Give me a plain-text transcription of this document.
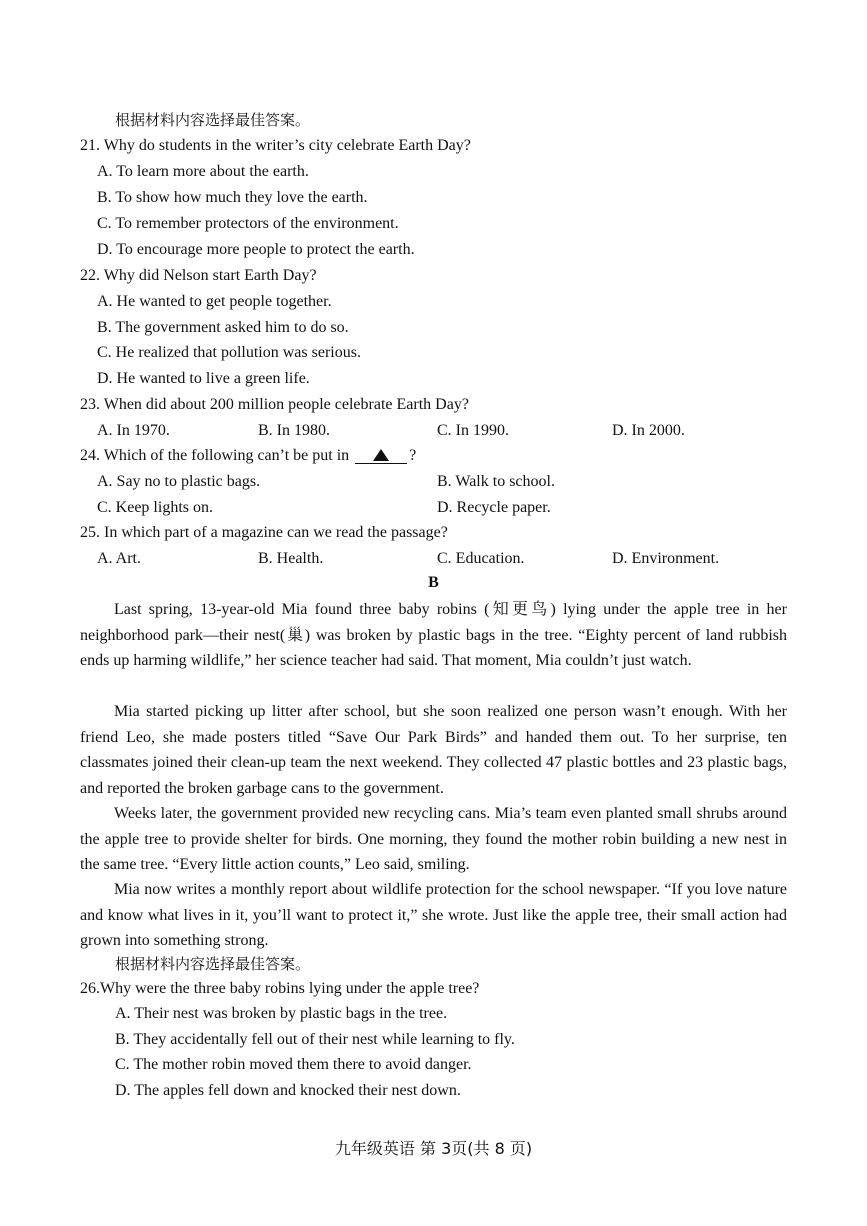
根据材料内容选择最佳答案。
21. Why do students in the writer’s city celebrate Earth Day?
A. To learn more about the earth.
B. To show how much they love the earth.
C. To remember protectors of the environment.
D. To encourage more people to protect the earth.
22. Why did Nelson start Earth Day?
A. He wanted to get people together.
B. The government asked him to do so.
C. He realized that pollution was serious.
D. He wanted to live a green life.
23. When did about 200 million people celebrate Earth Day?
A. In 1970.	B. In 1980.	C. In 1990.	D. In 2000.
24. Which of the following can’t be put in	?
A. Say no to plastic bags.	B. Walk to school.
C. Keep lights on.	D. Recycle paper.
25. In which part of a magazine can we read the passage?
A. Art.	B. Health.	C. Education.	D. Environment.
B
Last spring, 13-year-old Mia found three baby robins (知更鸟) lying under the apple tree in her neighborhood park—their nest(巢) was broken by plastic bags in the tree. “Eighty percent of land rubbish ends up harming wildlife,” her science teacher had said. That moment, Mia couldn’t just watch.
Mia started picking up litter after school, but she soon realized one person wasn’t enough. With her friend Leo, she made posters titled “Save Our Park Birds” and handed them out. To her surprise, ten classmates joined their clean-up team the next weekend. They collected 47 plastic bottles and 23 plastic bags, and reported the broken garbage cans to the government.
Weeks later, the government provided new recycling cans. Mia’s team even planted small shrubs around the apple tree to provide shelter for birds. One morning, they found the mother robin building a new nest in the same tree. “Every little action counts,” Leo said, smiling.
Mia now writes a monthly report about wildlife protection for the school newspaper. “If you love nature and know what lives in it, you’ll want to protect it,” she wrote. Just like the apple tree, their small action had grown into something strong.
根据材料内容选择最佳答案。
26.Why were the three baby robins lying under the apple tree?
A. Their nest was broken by plastic bags in the tree.
B. They accidentally fell out of their nest while learning to fly.
C. The mother robin moved them there to avoid danger.
D. The apples fell down and knocked their nest down.
九年级英语 第 3页(共 8 页)
